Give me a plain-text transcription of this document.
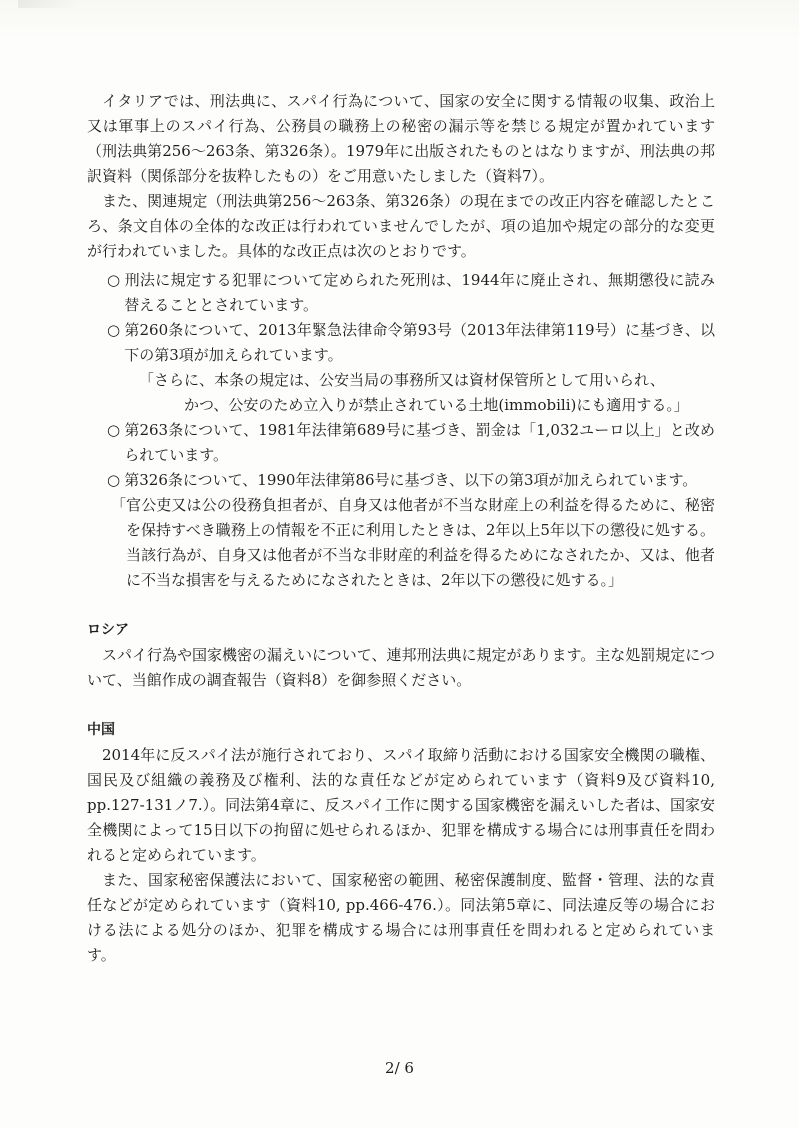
イタリアでは、刑法典に、スパイ行為について、国家の安全に関する情報の収集、政治上又は軍事上のスパイ行為、公務員の職務上の秘密の漏示等を禁じる規定が置かれています（刑法典第256〜263条、第326条）。1979年に出版されたものとはなりますが、刑法典の邦訳資料（関係部分を抜粋したもの）をご用意いたしました（資料7）。

また、関連規定（刑法典第256〜263条、第326条）の現在までの改正内容を確認したところ、条文自体の全体的な改正は行われていませんでしたが、項の追加や規定の部分的な変更が行われていました。具体的な改正点は次のとおりです。

○ 刑法に規定する犯罪について定められた死刑は、1944年に廃止され、無期懲役に読み替えることとされています。
○ 第260条について、2013年緊急法律命令第93号（2013年法律第119号）に基づき、以下の第3項が加えられています。
「さらに、本条の規定は、公安当局の事務所又は資材保管所として用いられ、
かつ、公安のため立入りが禁止されている土地(immobili)にも適用する。」
○ 第263条について、1981年法律第689号に基づき、罰金は「1,032ユーロ以上」と改められています。
○ 第326条について、1990年法律第86号に基づき、以下の第3項が加えられています。
「官公吏又は公の役務負担者が、自身又は他者が不当な財産上の利益を得るために、秘密を保持すべき職務上の情報を不正に利用したときは、2年以上5年以下の懲役に処する。当該行為が、自身又は他者が不当な非財産的利益を得るためになされたか、又は、他者に不当な損害を与えるためになされたときは、2年以下の懲役に処する。」
ロシア

スパイ行為や国家機密の漏えいについて、連邦刑法典に規定があります。主な処罰規定について、当館作成の調査報告（資料8）を御参照ください。

中国

2014年に反スパイ法が施行されており、スパイ取締り活動における国家安全機関の職権、国民及び組織の義務及び権利、法的な責任などが定められています（資料9及び資料10, pp.127-131ノ7.）。同法第4章に、反スパイ工作に関する国家機密を漏えいした者は、国家安全機関によって15日以下の拘留に処せられるほか、犯罪を構成する場合には刑事責任を問われると定められています。

また、国家秘密保護法において、国家秘密の範囲、秘密保護制度、監督・管理、法的な責任などが定められています（資料10, pp.466-476.）。同法第5章に、同法違反等の場合における法による処分のほか、犯罪を構成する場合には刑事責任を問われると定められています。

2/ 6
